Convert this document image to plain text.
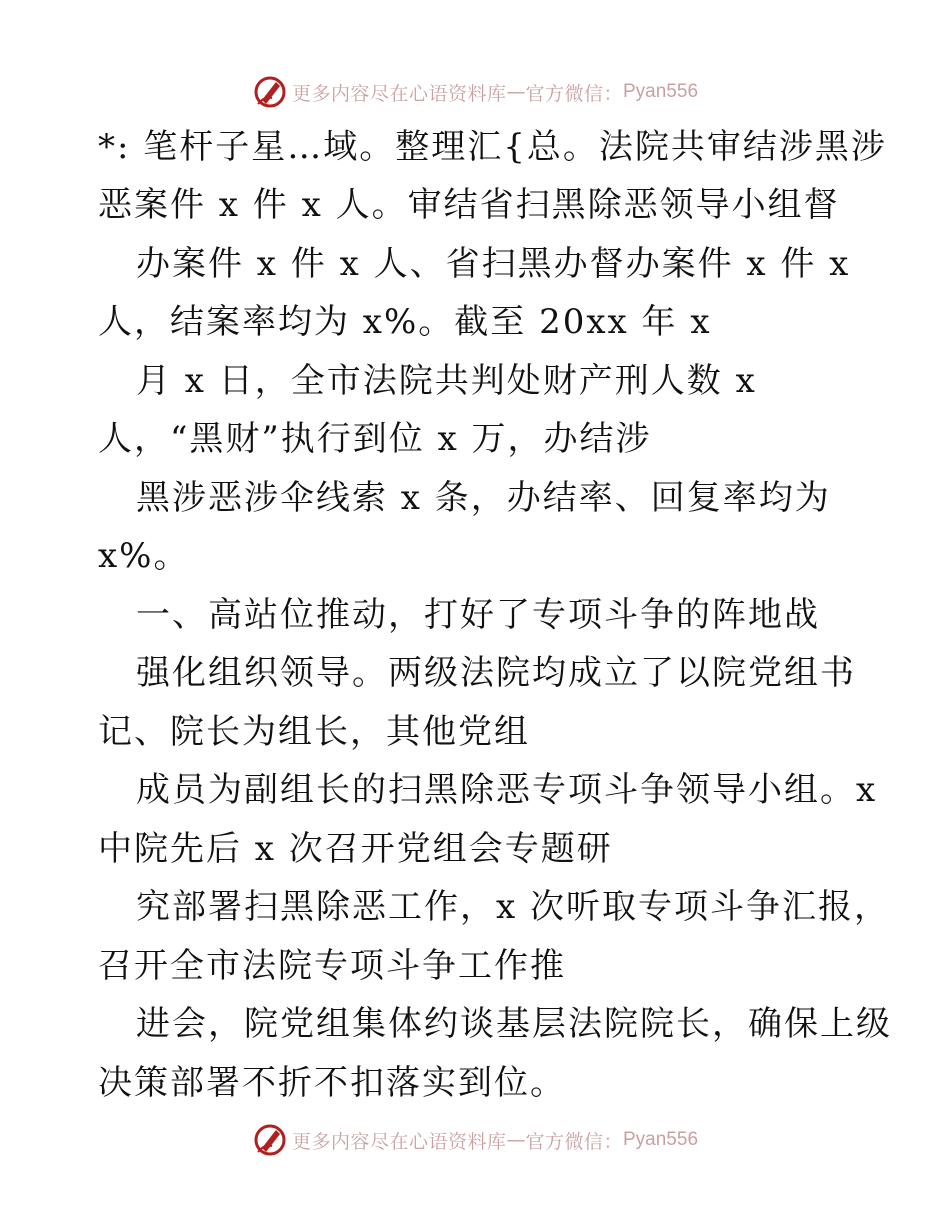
更多内容尽在心语资料库 — 官方微信： Pyan556
*: 笔杆子星…域。整理汇{总。法院共审结涉黑涉
恶案件 x 件 x 人。审结省扫黑除恶领导小组督
办案件 x 件 x 人、省扫黑办督办案件 x 件 x
人，结案率均为 x%。截至 20xx 年 x
月 x 日，全市法院共判处财产刑人数 x
人，“黑财”执行到位 x 万，办结涉
黑涉恶涉伞线索 x 条，办结率、回复率均为
x%。
一、高站位推动，打好了专项斗争的阵地战
强化组织领导。两级法院均成立了以院党组书
记、院长为组长，其他党组
成员为副组长的扫黑除恶专项斗争领导小组。x
中院先后 x 次召开党组会专题研
究部署扫黑除恶工作，x 次听取专项斗争汇报，
召开全市法院专项斗争工作推
进会，院党组集体约谈基层法院院长，确保上级
决策部署不折不扣落实到位。
更多内容尽在心语资料库 — 官方微信： Pyan556
